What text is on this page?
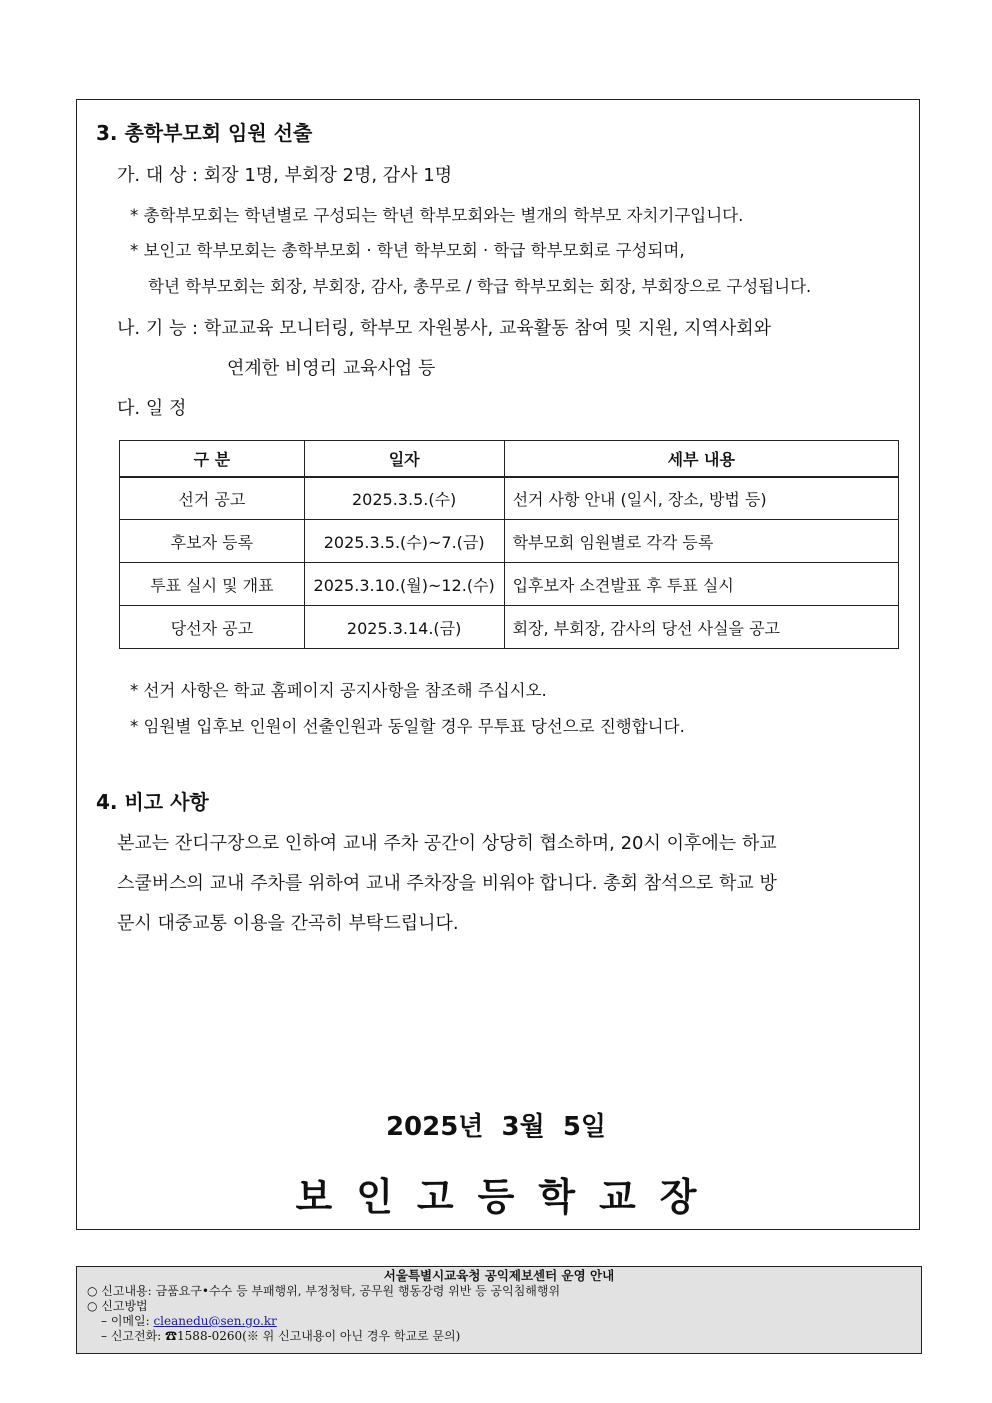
3. 총학부모회 임원 선출
가. 대 상 : 회장 1명, 부회장 2명, 감사 1명
* 총학부모회는 학년별로 구성되는 학년 학부모회와는 별개의 학부모 자치기구입니다.
* 보인고 학부모회는 총학부모회 · 학년 학부모회 · 학급 학부모회로 구성되며,
학년 학부모회는 회장, 부회장, 감사, 총무로 / 학급 학부모회는 회장, 부회장으로 구성됩니다.
나. 기 능 : 학교교육 모니터링, 학부모 자원봉사, 교육활동 참여 및 지원, 지역사회와
연계한 비영리 교육사업 등
다. 일 정
구 분	일자	세부 내용
선거 공고	2025.3.5.(수)	선거 사항 안내 (일시, 장소, 방법 등)
후보자 등록	2025.3.5.(수)~7.(금)	학부모회 임원별로 각각 등록
투표 실시 및 개표	2025.3.10.(월)~12.(수)	입후보자 소견발표 후 투표 실시
당선자 공고	2025.3.14.(금)	회장, 부회장, 감사의 당선 사실을 공고
* 선거 사항은 학교 홈페이지 공지사항을 참조해 주십시오.
* 임원별 입후보 인원이 선출인원과 동일할 경우 무투표 당선으로 진행합니다.
4. 비고 사항
본교는 잔디구장으로 인하여 교내 주차 공간이 상당히 협소하며, 20시 이후에는 하교
스쿨버스의 교내 주차를 위하여 교내 주차장을 비워야 합니다. 총회 참석으로 학교 방
문시 대중교통 이용을 간곡히 부탁드립니다.
2025년  3월  5일
보인고등학교장
서울특별시교육청 공익제보센터 운영 안내
○ 신고내용: 금품요구•수수 등 부패행위, 부정청탁, 공무원 행동강령 위반 등 공익침해행위
○ 신고방법
– 이메일: cleanedu@sen.go.kr
– 신고전화: ☎1588-0260(※ 위 신고내용이 아닌 경우 학교로 문의)
